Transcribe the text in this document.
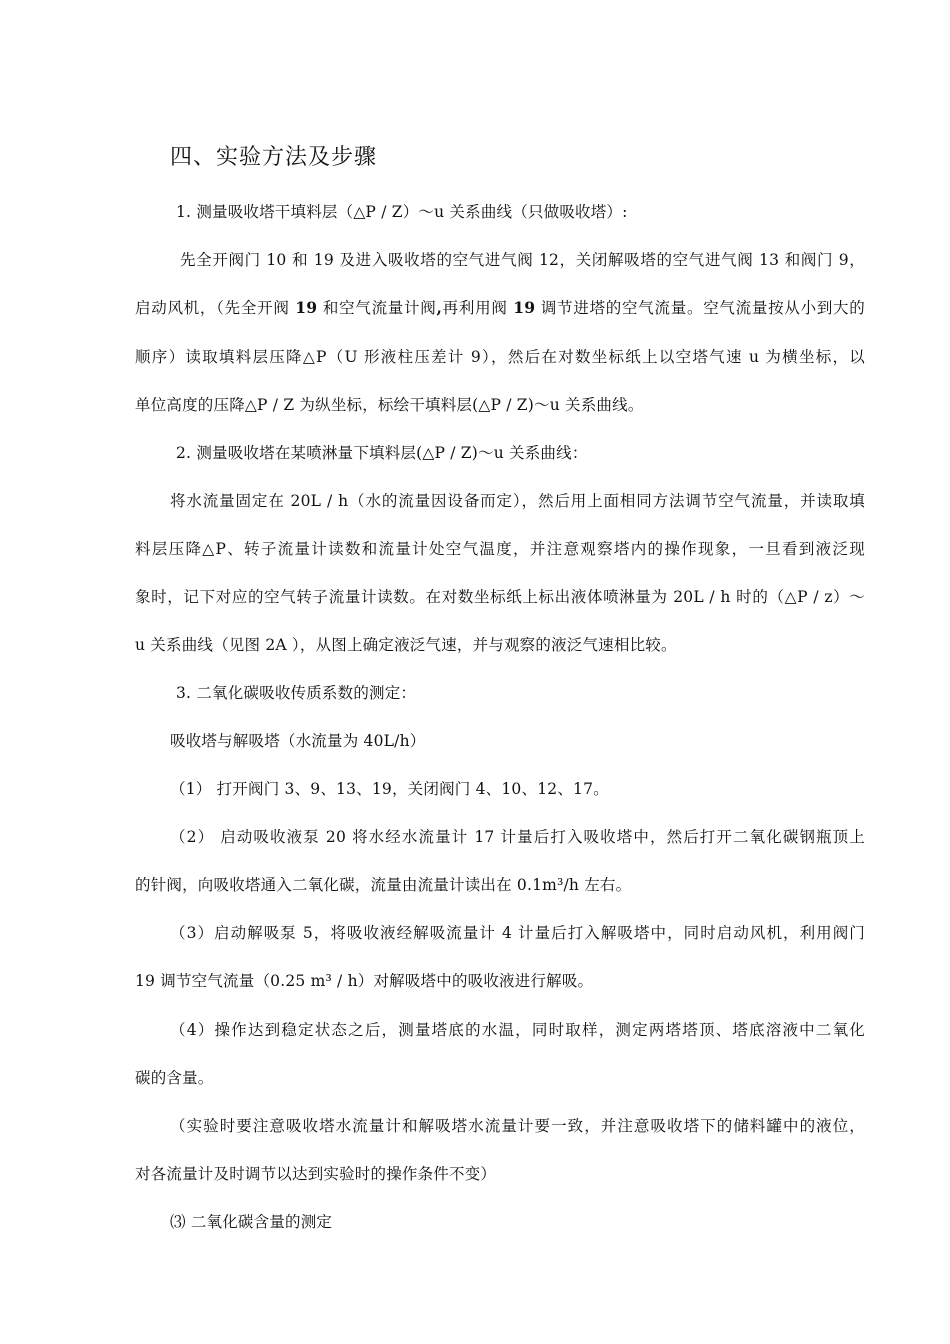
四、实验方法及步骤
1. 测量吸收塔干填料层（△P / Z）～u 关系曲线（只做吸收塔）:
先全开阀门 10 和 19 及进入吸收塔的空气进气阀 12，关闭解吸塔的空气进气阀 13 和阀门 9，
启动风机，（先全开阀 19 和空气流量计阀,再利用阀 19 调节进塔的空气流量。空气流量按从小到大的
顺序）读取填料层压降△P（U 形液柱压差计 9），然后在对数坐标纸上以空塔气速 u 为横坐标，以
单位高度的压降△P / Z 为纵坐标，标绘干填料层(△P / Z)～u 关系曲线。
2. 测量吸收塔在某喷淋量下填料层(△P / Z)～u 关系曲线：
将水流量固定在 20L / h（水的流量因设备而定），然后用上面相同方法调节空气流量，并读取填
料层压降△P、转子流量计读数和流量计处空气温度，并注意观察塔内的操作现象，一旦看到液泛现
象时，记下对应的空气转子流量计读数。在对数坐标纸上标出液体喷淋量为 20L / h 时的（△P / z）～
u 关系曲线（见图 2A ），从图上确定液泛气速，并与观察的液泛气速相比较。
3. 二氧化碳吸收传质系数的测定：
吸收塔与解吸塔（水流量为 40L/h）
（1） 打开阀门 3、9、13、19，关闭阀门 4、10、12、17。
（2） 启动吸收液泵 20 将水经水流量计 17 计量后打入吸收塔中，然后打开二氧化碳钢瓶顶上
的针阀，向吸收塔通入二氧化碳，流量由流量计读出在 0.1m³/h 左右。
（3）启动解吸泵 5，将吸收液经解吸流量计 4 计量后打入解吸塔中，同时启动风机，利用阀门
19 调节空气流量（0.25 m³ / h）对解吸塔中的吸收液进行解吸。
（4）操作达到稳定状态之后，测量塔底的水温，同时取样，测定两塔塔顶、塔底溶液中二氧化
碳的含量。
（实验时要注意吸收塔水流量计和解吸塔水流量计要一致，并注意吸收塔下的储料罐中的液位，
对各流量计及时调节以达到实验时的操作条件不变）
⑶ 二氧化碳含量的测定
